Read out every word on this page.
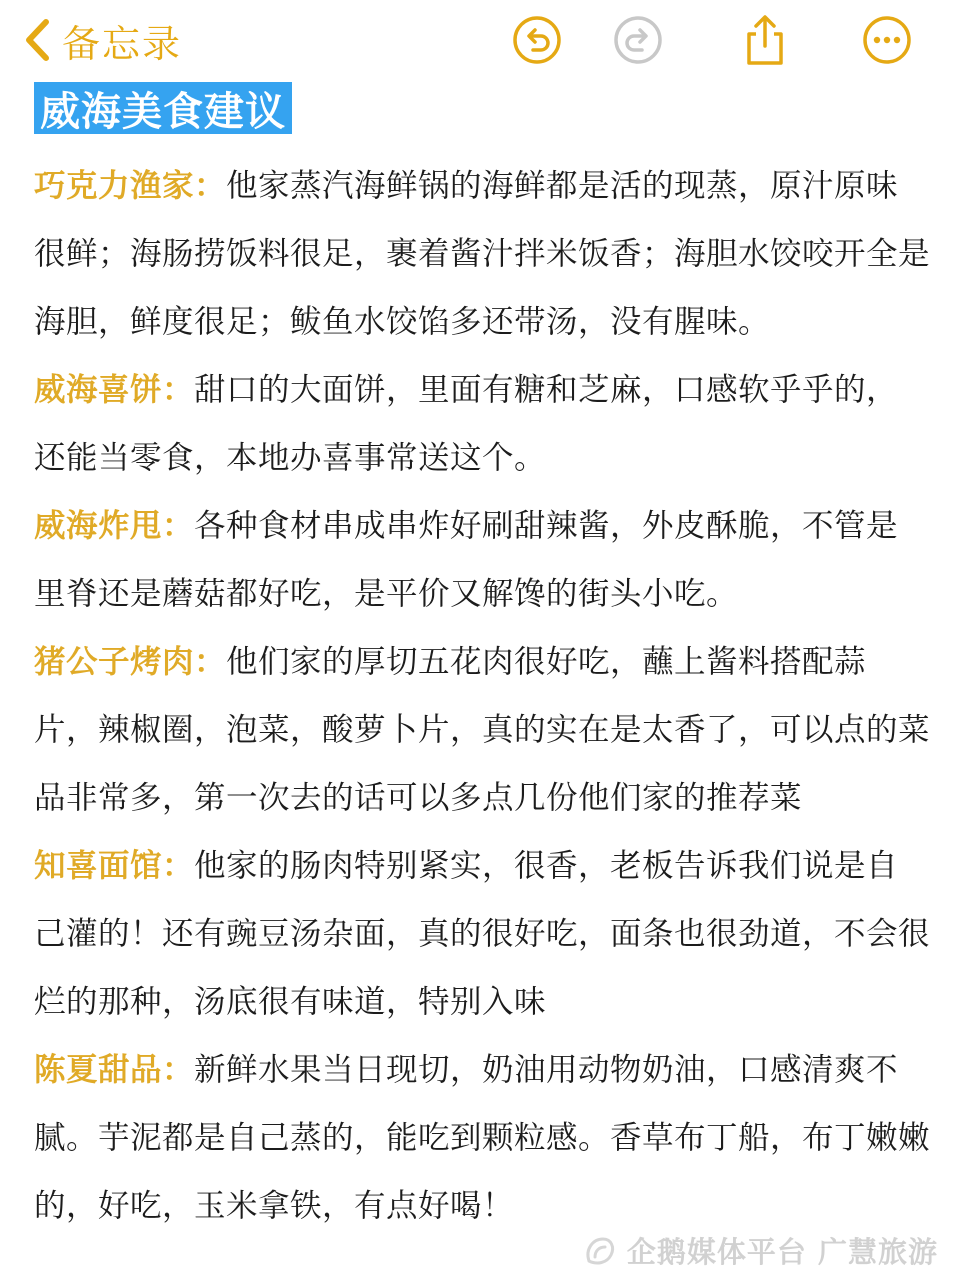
备忘录
威海美食建议

巧克力渔家：他家蒸汽海鲜锅的海鲜都是活的现蒸，原汁原味很鲜；海肠捞饭料很足，裹着酱汁拌米饭香；海胆水饺咬开全是海胆，鲜度很足；鲅鱼水饺馅多还带汤，没有腥味。

威海喜饼：甜口的大面饼，里面有糖和芝麻，口感软乎乎的，还能当零食，本地办喜事常送这个。

威海炸甩：各种食材串成串炸好刷甜辣酱，外皮酥脆，不管是里脊还是蘑菇都好吃，是平价又解馋的街头小吃。

猪公子烤肉：他们家的厚切五花肉很好吃，蘸上酱料搭配蒜片，辣椒圈，泡菜，酸萝卜片，真的实在是太香了，可以点的菜品非常多，第一次去的话可以多点几份他们家的推荐菜

知喜面馆：他家的肠肉特别紧实，很香，老板告诉我们说是自己灌的！还有豌豆汤杂面，真的很好吃，面条也很劲道，不会很烂的那种，汤底很有味道，特别入味

陈夏甜品：新鲜水果当日现切，奶油用动物奶油，口感清爽不腻。芋泥都是自己蒸的，能吃到颗粒感。香草布丁船，布丁嫩嫩的，好吃，玉米拿铁，有点好喝！

企鹅媒体平台 广慧旅游
